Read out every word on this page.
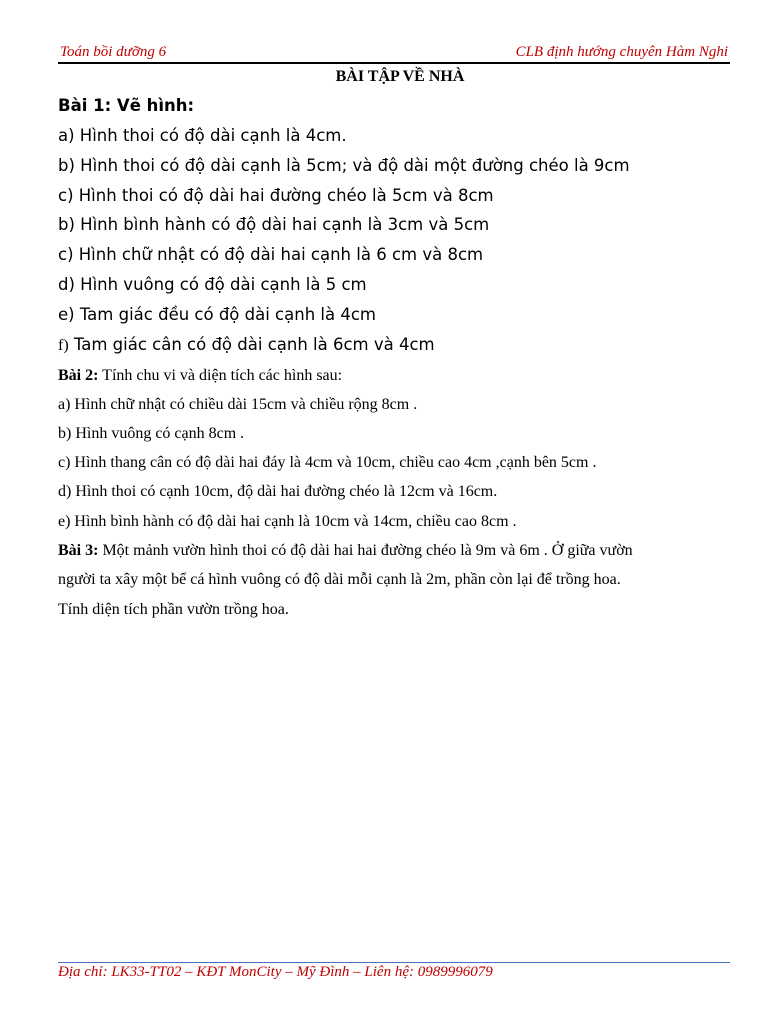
Toán bồi dưỡng 6	CLB định hướng chuyên Hàm Nghi
BÀI TẬP VỀ NHÀ
Bài 1: Vẽ hình:
a) Hình thoi có độ dài cạnh là 4cm.
b) Hình thoi có độ dài cạnh là 5cm; và độ dài một đường chéo là 9cm
c) Hình thoi có độ dài hai đường chéo là 5cm và 8cm
b) Hình bình hành có độ dài hai cạnh là 3cm và 5cm
c) Hình chữ nhật có độ dài hai cạnh là 6 cm và 8cm
d) Hình vuông có độ dài cạnh là 5 cm
e) Tam giác đều có độ dài cạnh là 4cm
f) Tam giác cân có độ dài cạnh là 6cm và 4cm
Bài 2: Tính chu vi và diện tích các hình sau:
a) Hình chữ nhật có chiều dài 15cm và chiều rộng 8cm .
b) Hình vuông có cạnh 8cm .
c) Hình thang cân có độ dài hai đáy là 4cm và 10cm, chiều cao 4cm ,cạnh bên 5cm .
d) Hình thoi có cạnh 10cm, độ dài hai đường chéo là 12cm và 16cm.
e) Hình bình hành có độ dài hai cạnh là 10cm và 14cm, chiều cao 8cm .
Bài 3: Một mảnh vườn hình thoi có độ dài hai hai đường chéo là 9m và 6m . Ở giữa vườn
người ta xây một bể cá hình vuông có độ dài mỗi cạnh là 2m, phần còn lại để trồng hoa.
Tính diện tích phần vườn trồng hoa.
Địa chỉ: LK33-TT02 – KĐT MonCity – Mỹ Đình – Liên hệ: 0989996079
